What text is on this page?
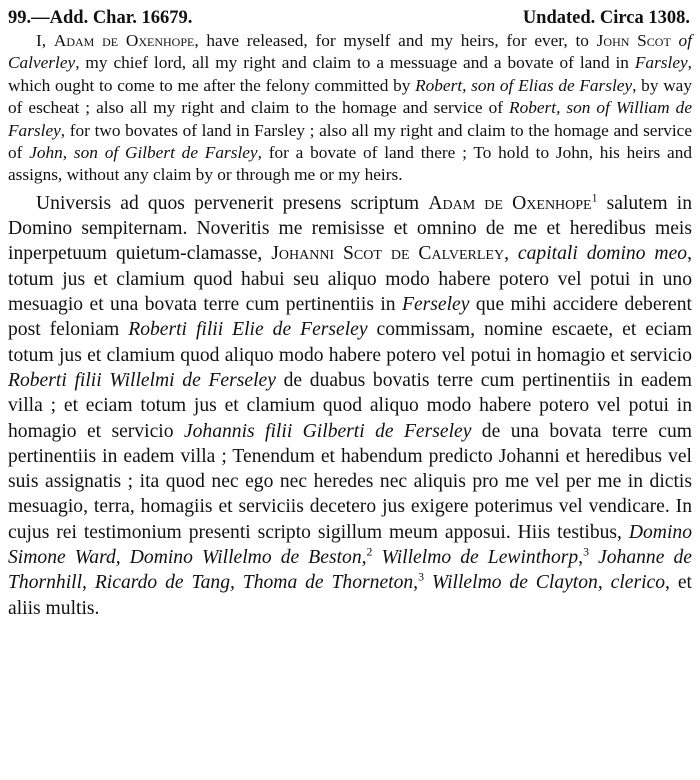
99.—Add. Char. 16679.	Undated. Circa 1308.

I, Adam de Oxenhope, have released, for myself and my heirs, for ever, to John Scot of Calverley, my chief lord, all my right and claim to a messuage and a bovate of land in Farsley, which ought to come to me after the felony committed by Robert, son of Elias de Farsley, by way of escheat ; also all my right and claim to the homage and service of Robert, son of William de Farsley, for two bovates of land in Farsley ; also all my right and claim to the homage and service of John, son of Gilbert de Farsley, for a bovate of land there ; To hold to John, his heirs and assigns, without any claim by or through me or my heirs.

Universis ad quos pervenerit presens scriptum Adam de Oxenhope$^1$ salutem in Domino sempiternam. Noveritis me remisisse et omnino de me et heredibus meis inperpetuum quietum-clamasse, Johanni Scot de Calverley, capitali domino meo, totum jus et clamium quod habui seu aliquo modo habere potero vel potui in uno mesuagio et una bovata terre cum pertinentiis in Ferseley que mihi accidere deberent post feloniam Roberti filii Elie de Ferseley commissam, nomine escaete, et eciam totum jus et clamium quod aliquo modo habere potero vel potui in homagio et servicio Roberti filii Willelmi de Ferseley de duabus bovatis terre cum pertinentiis in eadem villa ; et eciam totum jus et clamium quod aliquo modo habere potero vel potui in homagio et servicio Johannis filii Gilberti de Ferseley de una bovata terre cum pertinentiis in eadem villa ; Tenendum et habendum predicto Johanni et heredibus vel suis assignatis ; ita quod nec ego nec heredes nec aliquis pro me vel per me in dictis mesuagio, terra, homagiis et serviciis decetero jus exigere poterimus vel vendicare. In cujus rei testimonium presenti scripto sigillum meum apposui. Hiis testibus, Domino Simone Ward, Domino Willelmo de Beston,$^2$ Willelmo de Lewinthorp,$^3$ Johanne de Thornhill, Ricardo de Tang, Thoma de Thorneton,$^3$ Willelmo de Clayton, clerico, et aliis multis.
